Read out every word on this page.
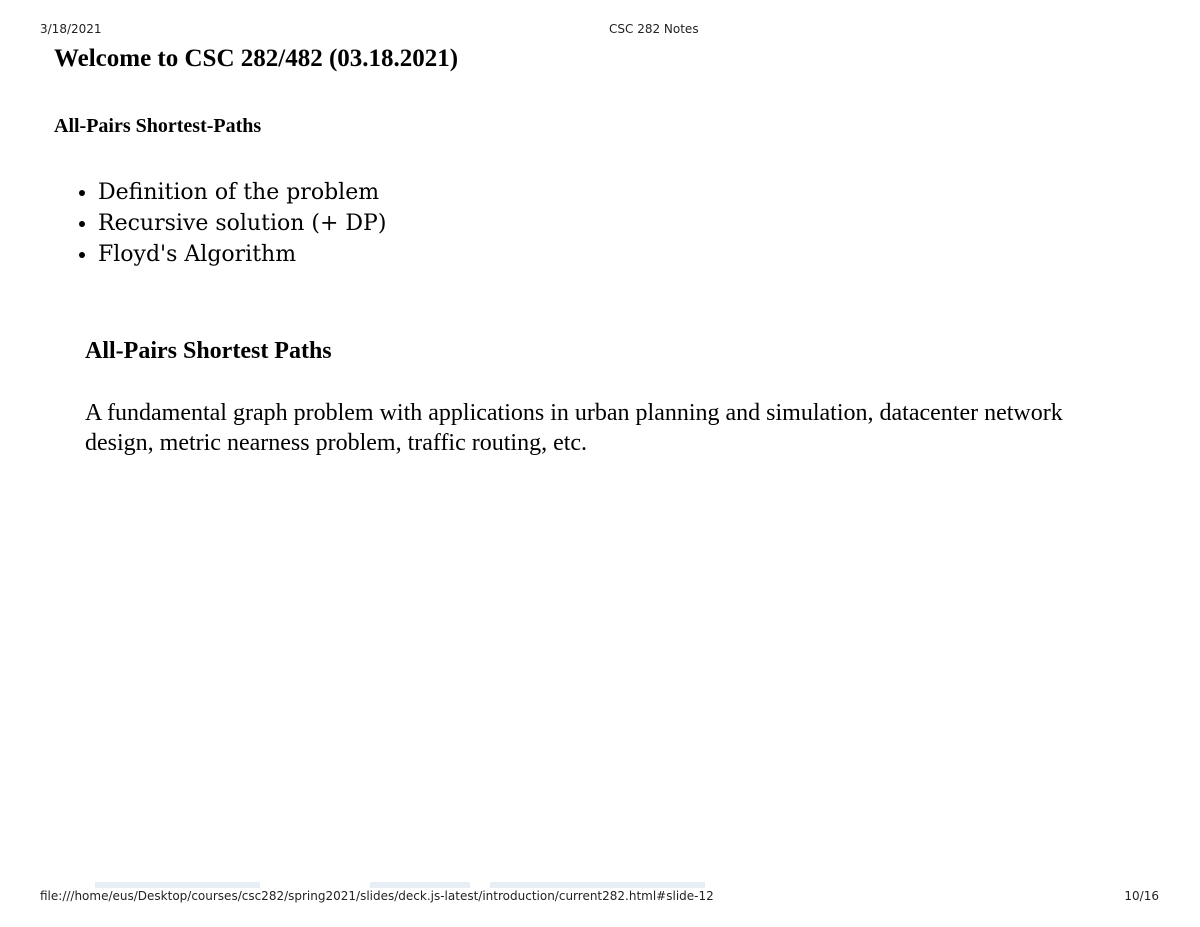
3/18/2021	CSC 282 Notes
Welcome to CSC 282/482 (03.18.2021)
All-Pairs Shortest-Paths
• Definition of the problem
• Recursive solution (+ DP)
• Floyd's Algorithm
All-Pairs Shortest Paths

A fundamental graph problem with applications in urban planning and simulation, datacenter network design, metric nearness problem, traffic routing, etc.

file:///home/eus/Desktop/courses/csc282/spring2021/slides/deck.js-latest/introduction/current282.html#slide-12	10/16
